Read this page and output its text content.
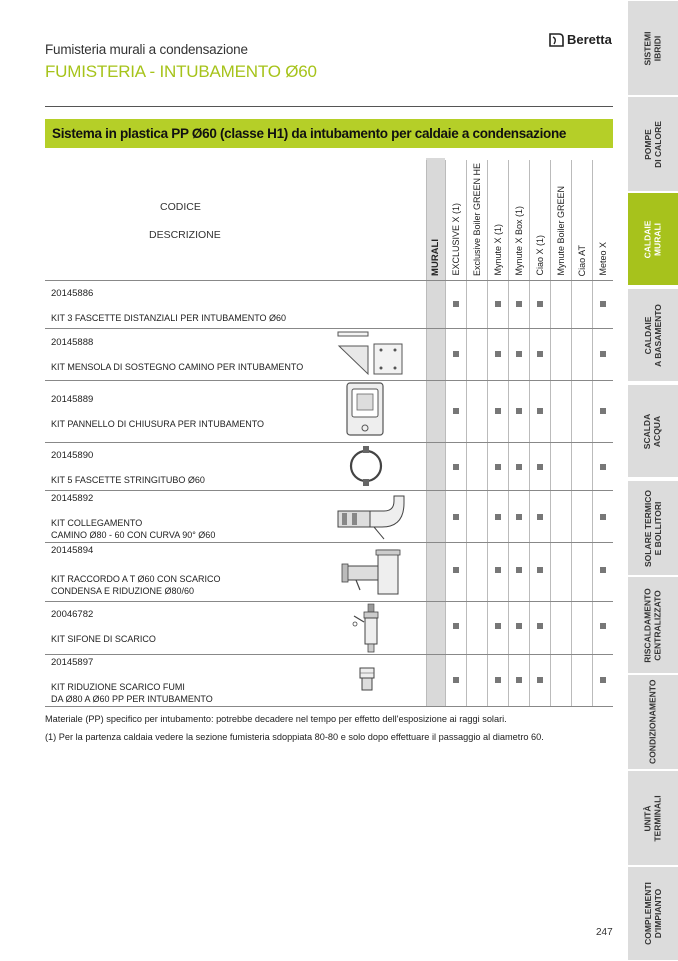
Fumisteria murali a condensazione
FUMISTERIA - INTUBAMENTO Ø60
Beretta
Sistema in plastica PP Ø60 (classe H1) da intubamento per caldaie a condensazione
SISTEMI
IBRIDI
POMPE
DI CALORE
CALDAIE
MURALI
CALDAIE
A BASAMENTO
SCALDA
ACQUA
SOLARE TERMICO
E BOLLITORI
RISCALDAMENTO
CENTRALIZZATO
CONDIZIONAMENTO
UNITÀ
TERMINALI
COMPLEMENTI
D'IMPIANTO
CODICE
DESCRIZIONE
MURALI EXCLUSIVE X (1) Exclusive Boiler GREEN HE Mynute X (1) Mynute X Box (1) Ciao X (1) Mynute Boiler GREEN Ciao AT Meteo X
20145886
KIT 3 FASCETTE DISTANZIALI PER INTUBAMENTO Ø60
20145888
KIT MENSOLA DI SOSTEGNO CAMINO PER INTUBAMENTO
20145889
KIT PANNELLO DI CHIUSURA PER INTUBAMENTO
20145890
KIT 5 FASCETTE STRINGITUBO Ø60
20145892
KIT COLLEGAMENTO
CAMINO Ø80 - 60 CON CURVA 90° Ø60
20145894
KIT RACCORDO A T Ø60 CON SCARICO
CONDENSA E RIDUZIONE Ø80/60
20046782
KIT SIFONE DI SCARICO
20145897
KIT RIDUZIONE SCARICO FUMI
DA Ø80 A Ø60 PP PER INTUBAMENTO
Materiale (PP) specifico per intubamento: potrebbe decadere nel tempo per effetto dell'esposizione ai raggi solari.
(1) Per la partenza caldaia vedere la sezione fumisteria sdoppiata 80-80 e solo dopo effettuare il passaggio al diametro 60.
247
